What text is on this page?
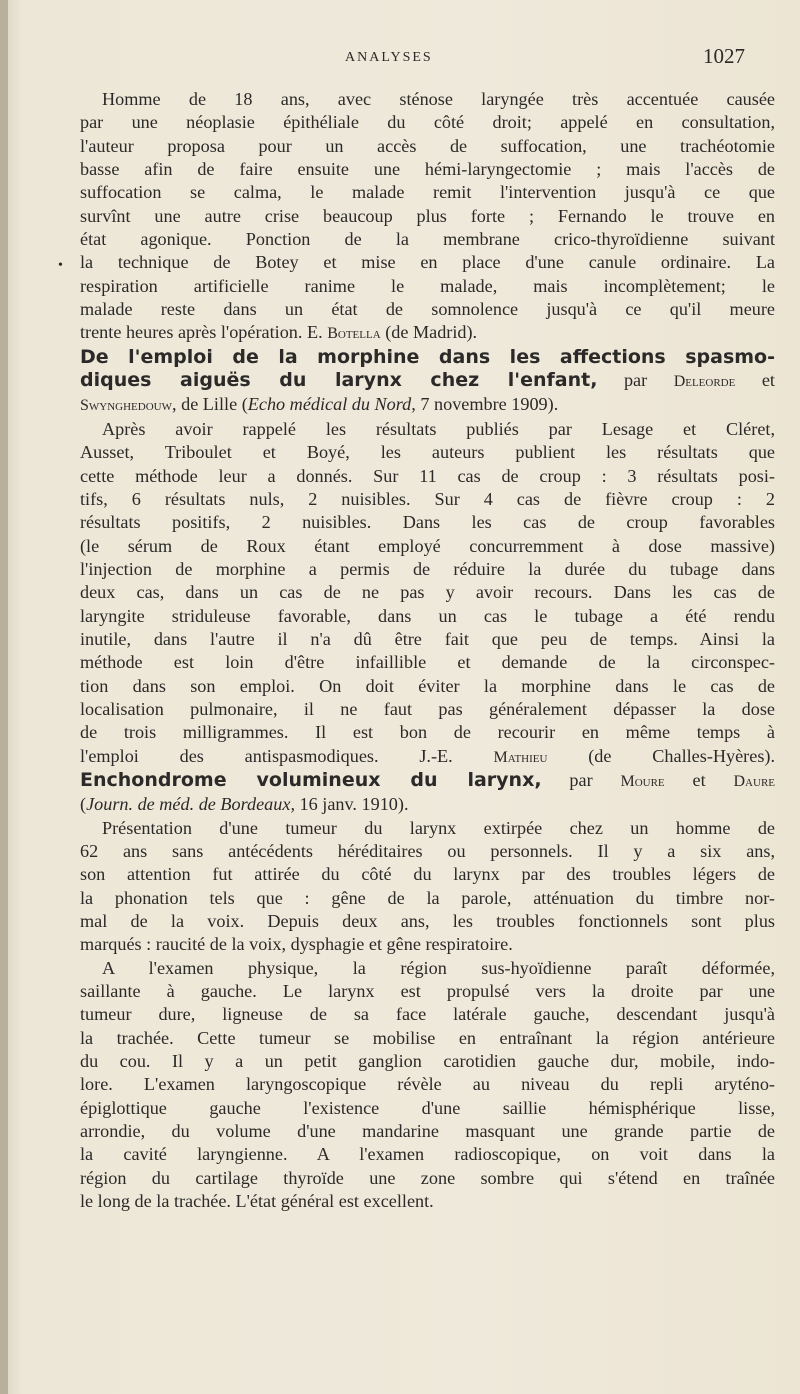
ANALYSES	1027
•
Homme de 18 ans, avec sténose laryngée très accentuée causée
par une néoplasie épithéliale du côté droit; appelé en consultation,
l'auteur proposa pour un accès de suffocation, une trachéotomie
basse afin de faire ensuite une hémi-laryngectomie ; mais l'accès de
suffocation se calma, le malade remit l'intervention jusqu'à ce que
survînt une autre crise beaucoup plus forte ; Fernando le trouve en
état agonique. Ponction de la membrane crico-thyroïdienne suivant
la technique de Botey et mise en place d'une canule ordinaire. La
respiration artificielle ranime le malade, mais incomplètement; le
malade reste dans un état de somnolence jusqu'à ce qu'il meure
trente heures après l'opération. E. Botella (de Madrid).
De l'emploi de la morphine dans les affections spasmo-
diques aiguës du larynx chez l'enfant, par Deleorde et
Swynghedouw, de Lille (Echo médical du Nord, 7 novembre 1909).
Après avoir rappelé les résultats publiés par Lesage et Cléret,
Ausset, Triboulet et Boyé, les auteurs publient les résultats que
cette méthode leur a donnés. Sur 11 cas de croup : 3 résultats posi-
tifs, 6 résultats nuls, 2 nuisibles. Sur 4 cas de fièvre croup : 2
résultats positifs, 2 nuisibles. Dans les cas de croup favorables
(le sérum de Roux étant employé concurremment à dose massive)
l'injection de morphine a permis de réduire la durée du tubage dans
deux cas, dans un cas de ne pas y avoir recours. Dans les cas de
laryngite striduleuse favorable, dans un cas le tubage a été rendu
inutile, dans l'autre il n'a dû être fait que peu de temps. Ainsi la
méthode est loin d'être infaillible et demande de la circonspec-
tion dans son emploi. On doit éviter la morphine dans le cas de
localisation pulmonaire, il ne faut pas généralement dépasser la dose
de trois milligrammes. Il est bon de recourir en même temps à
l'emploi des antispasmodiques. J.-E. Mathieu (de Challes-Hyères).
Enchondrome volumineux du larynx, par Moure et Daure
(Journ. de méd. de Bordeaux, 16 janv. 1910).
Présentation d'une tumeur du larynx extirpée chez un homme de
62 ans sans antécédents héréditaires ou personnels. Il y a six ans,
son attention fut attirée du côté du larynx par des troubles légers de
la phonation tels que : gêne de la parole, atténuation du timbre nor-
mal de la voix. Depuis deux ans, les troubles fonctionnels sont plus
marqués : raucité de la voix, dysphagie et gêne respiratoire.
A l'examen physique, la région sus-hyoïdienne paraît déformée,
saillante à gauche. Le larynx est propulsé vers la droite par une
tumeur dure, ligneuse de sa face latérale gauche, descendant jusqu'à
la trachée. Cette tumeur se mobilise en entraînant la région antérieure
du cou. Il y a un petit ganglion carotidien gauche dur, mobile, indo-
lore. L'examen laryngoscopique révèle au niveau du repli aryténo-
épiglottique gauche l'existence d'une saillie hémisphérique lisse,
arrondie, du volume d'une mandarine masquant une grande partie de
la cavité laryngienne. A l'examen radioscopique, on voit dans la
région du cartilage thyroïde une zone sombre qui s'étend en traînée
le long de la trachée. L'état général est excellent.
